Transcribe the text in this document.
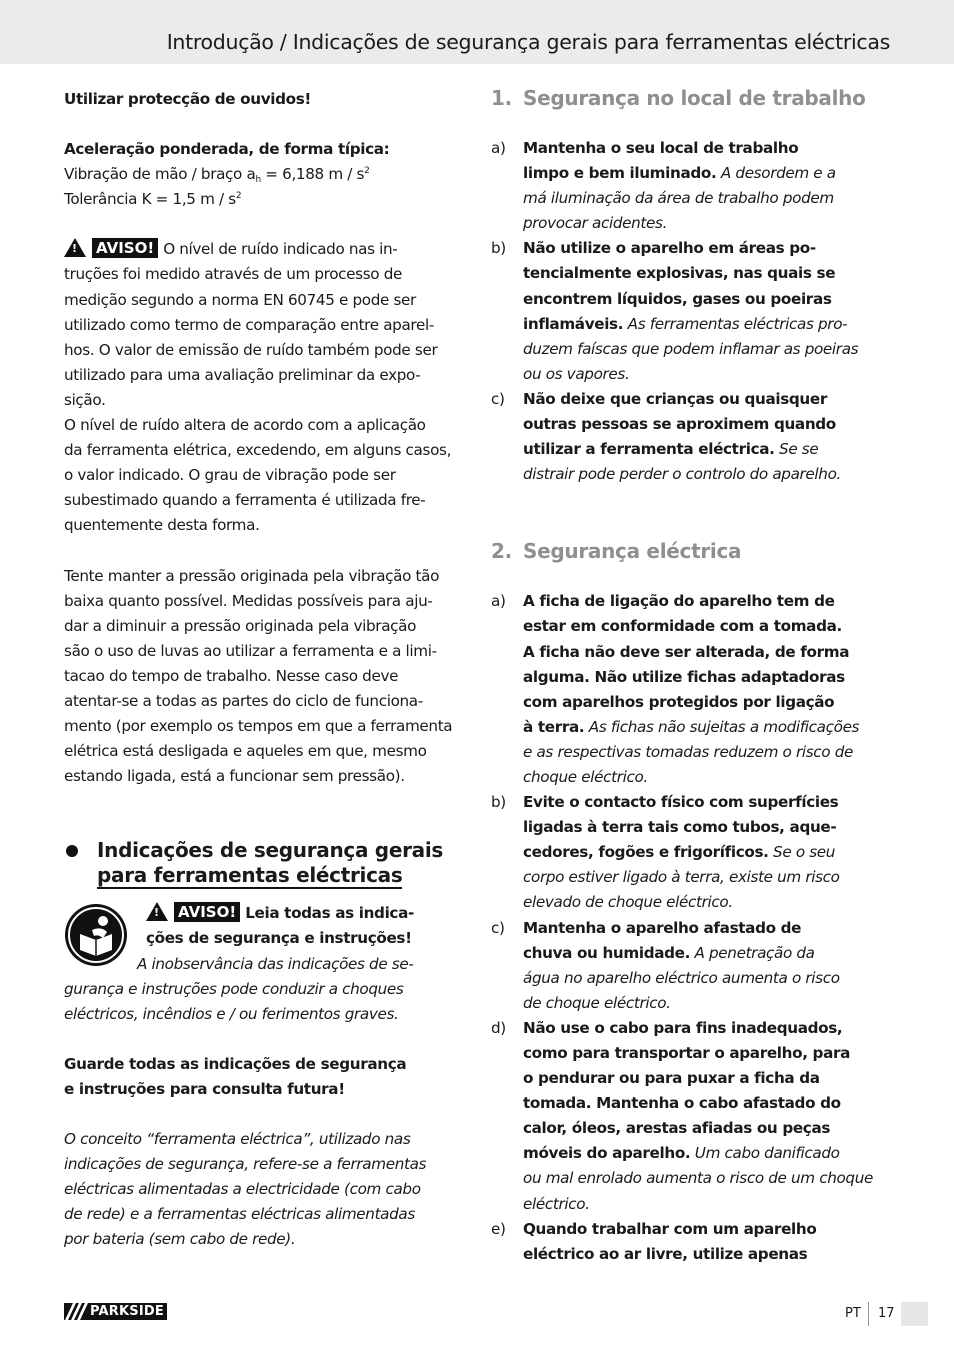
Introdução / Indicações de segurança gerais para ferramentas eléctricas

Utilizar protecção de ouvidos!

Aceleração ponderada, de forma típica:

Vibração de mão / braço $a_h = 6,188$ m / $s^2$

Tolerância K = 1,5 m / $s^2$

!
AVISO! O nível de ruído indicado nas in-

truções foi medido através de um processo de

medição segundo a norma EN 60745 e pode ser

utilizado como termo de comparação entre aparel-

hos. O valor de emissão de ruído também pode ser

utilizado para uma avaliação preliminar da expo-

sição.

O nível de ruído altera de acordo com a aplicação

da ferramenta elétrica, excedendo, em alguns casos,

o valor indicado. O grau de vibração pode ser

subestimado quando a ferramenta é utilizada fre-

quentemente desta forma.

Tente manter a pressão originada pela vibração tão

baixa quanto possível. Medidas possíveis para aju-

dar a diminuir a pressão originada pela vibração

são o uso de luvas ao utilizar a ferramenta e a limi-

tacao do tempo de trabalho. Nesse caso deve

atentar-se a todas as partes do ciclo de funciona-

mento (por exemplo os tempos em que a ferramenta

elétrica está desligada e aqueles em que, mesmo

estando ligada, está a funcionar sem pressão).

Indicações de segurança gerais
para ferramentas eléctricas

!
AVISO! Leia todas as indica-

ções de segurança e instruções!

A inobservância das indicações de se-

gurança e instruções pode conduzir a choques

eléctricos, incêndios e / ou ferimentos graves.

Guarde todas as indicações de segurança

e instruções para consulta futura!

O conceito “ferramenta eléctrica”, utilizado nas

indicações de segurança, refere-se a ferramentas

eléctricas alimentadas a electricidade (com cabo

de rede) e a ferramentas eléctricas alimentadas

por bateria (sem cabo de rede).

1. Segurança no local de trabalho

a) Mantenha o seu local de trabalho

limpo e bem iluminado. A desordem e a

má iluminação da área de trabalho podem

provocar acidentes.

b) Não utilize o aparelho em áreas po-

tencialmente explosivas, nas quais se

encontrem líquidos, gases ou poeiras

inflamáveis. As ferramentas eléctricas pro-

duzem faíscas que podem inflamar as poeiras

ou os vapores.

c) Não deixe que crianças ou quaisquer

outras pessoas se aproximem quando

utilizar a ferramenta eléctrica. Se se

distrair pode perder o controlo do aparelho.

2. Segurança eléctrica

a) A ficha de ligação do aparelho tem de

estar em conformidade com a tomada.

A ficha não deve ser alterada, de forma

alguma. Não utilize fichas adaptadoras

com aparelhos protegidos por ligação

à terra. As fichas não sujeitas a modificações

e as respectivas tomadas reduzem o risco de

choque eléctrico.

b) Evite o contacto físico com superfícies

ligadas à terra tais como tubos, aque-

cedores, fogões e frigoríficos. Se o seu

corpo estiver ligado à terra, existe um risco

elevado de choque eléctrico.

c) Mantenha o aparelho afastado de

chuva ou humidade. A penetração da

água no aparelho eléctrico aumenta o risco

de choque eléctrico.

d) Não use o cabo para fins inadequados,

como para transportar o aparelho, para

o pendurar ou para puxar a ficha da

tomada. Mantenha o cabo afastado do

calor, óleos, arestas afiadas ou peças

móveis do aparelho. Um cabo danificado

ou mal enrolado aumenta o risco de um choque

eléctrico.

e) Quando trabalhar com um aparelho

eléctrico ao ar livre, utilize apenas

PARKSIDE	PT 17
